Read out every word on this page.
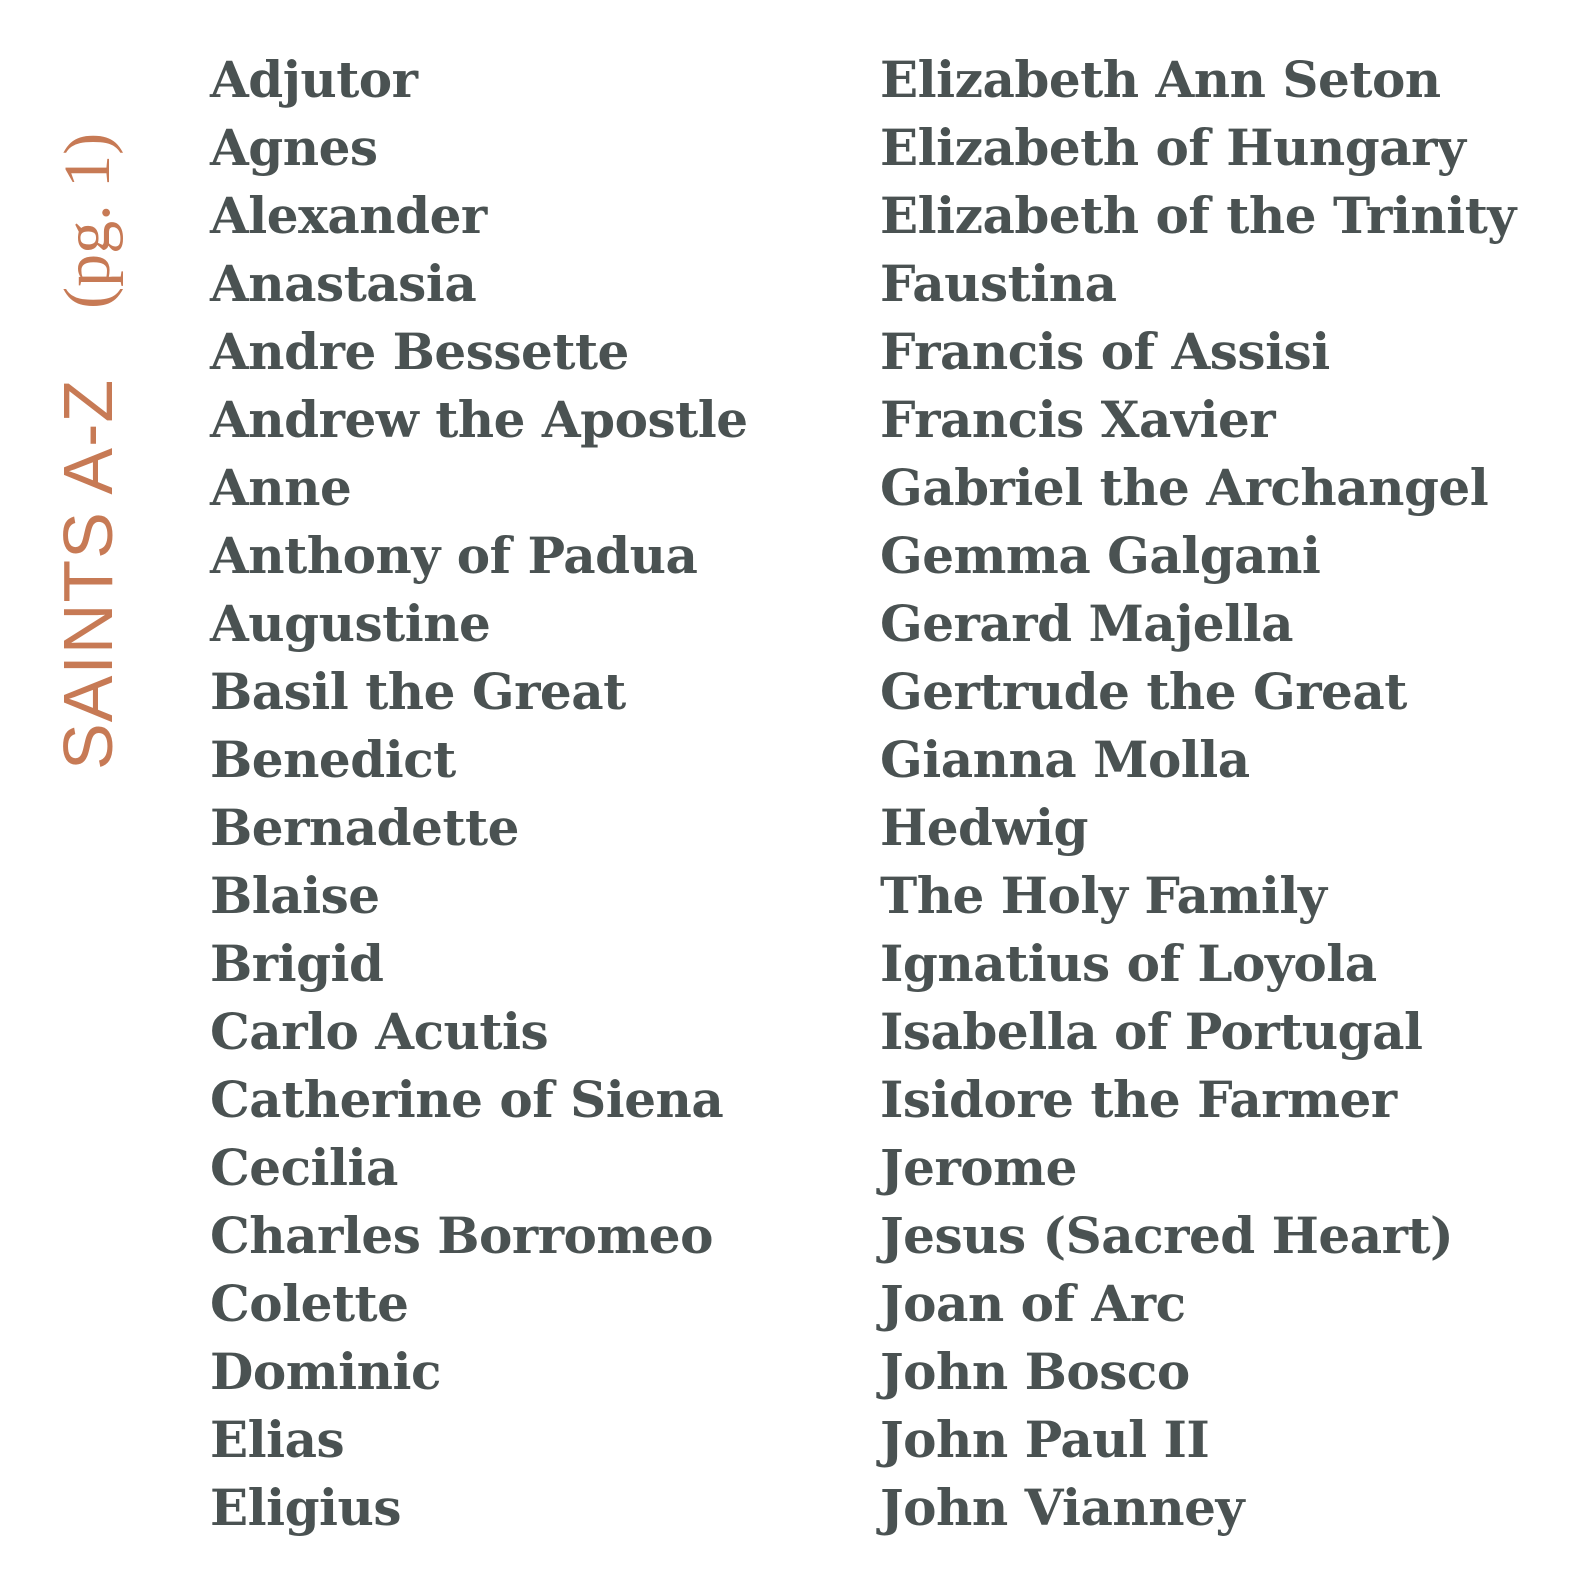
SAINTS A-Z
(pg. 1)
Adjutor
Agnes
Alexander
Anastasia
Andre Bessette
Andrew the Apostle
Anne
Anthony of Padua
Augustine
Basil the Great
Benedict
Bernadette
Blaise
Brigid
Carlo Acutis
Catherine of Siena
Cecilia
Charles Borromeo
Colette
Dominic
Elias
Eligius
Elizabeth Ann Seton
Elizabeth of Hungary
Elizabeth of the Trinity
Faustina
Francis of Assisi
Francis Xavier
Gabriel the Archangel
Gemma Galgani
Gerard Majella
Gertrude the Great
Gianna Molla
Hedwig
The Holy Family
Ignatius of Loyola
Isabella of Portugal
Isidore the Farmer
Jerome
Jesus (Sacred Heart)
Joan of Arc
John Bosco
John Paul II
John Vianney
